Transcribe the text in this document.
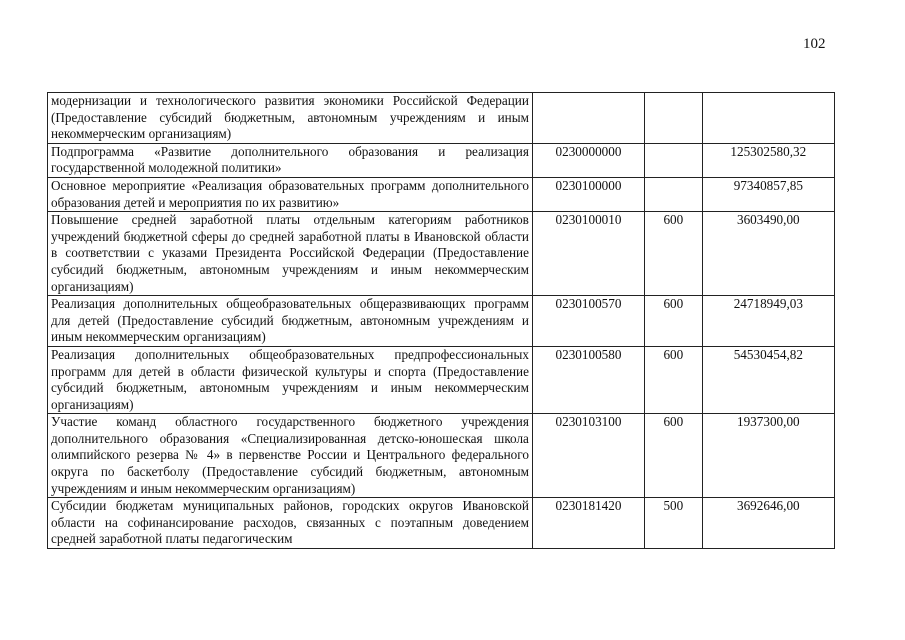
102
модернизации и технологического развития экономики Российской Федерации (Предоставление субсидий бюджетным, автономным учреждениям и иным некоммерческим организациям)			
Подпрограмма «Развитие дополнительного образования и реализация государственной молодежной политики»	0230000000		125302580,32
Основное мероприятие «Реализация образовательных программ дополнительного образования детей и мероприятия по их развитию»	0230100000		97340857,85
Повышение средней заработной платы отдельным категориям работников учреждений бюджетной сферы до средней заработной платы в Ивановской области в соответствии с указами Президента Российской Федерации (Предоставление субсидий бюджетным, автономным учреждениям и иным некоммерческим организациям)	0230100010	600	3603490,00
Реализация дополнительных общеобразовательных общеразвивающих программ для детей (Предоставление субсидий бюджетным, автономным учреждениям и иным некоммерческим организациям)	0230100570	600	24718949,03
Реализация дополнительных общеобразовательных предпрофессиональных программ для детей в области физической культуры и спорта (Предоставление субсидий бюджетным, автономным учреждениям и иным некоммерческим организациям)	0230100580	600	54530454,82
Участие команд областного государственного бюджетного учреждения дополнительного образования «Специализированная детско-юношеская школа олимпийского резерва № 4» в первенстве России и Центрального федерального округа по баскетболу (Предоставление субсидий бюджетным, автономным учреждениям и иным некоммерческим организациям)	0230103100	600	1937300,00

Субсидии бюджетам муниципальных районов, городских округов Ивановской области на софинансирование расходов, связанных с поэтапным доведением средней заработной платы педагогическим	0230181420	500	3692646,00
